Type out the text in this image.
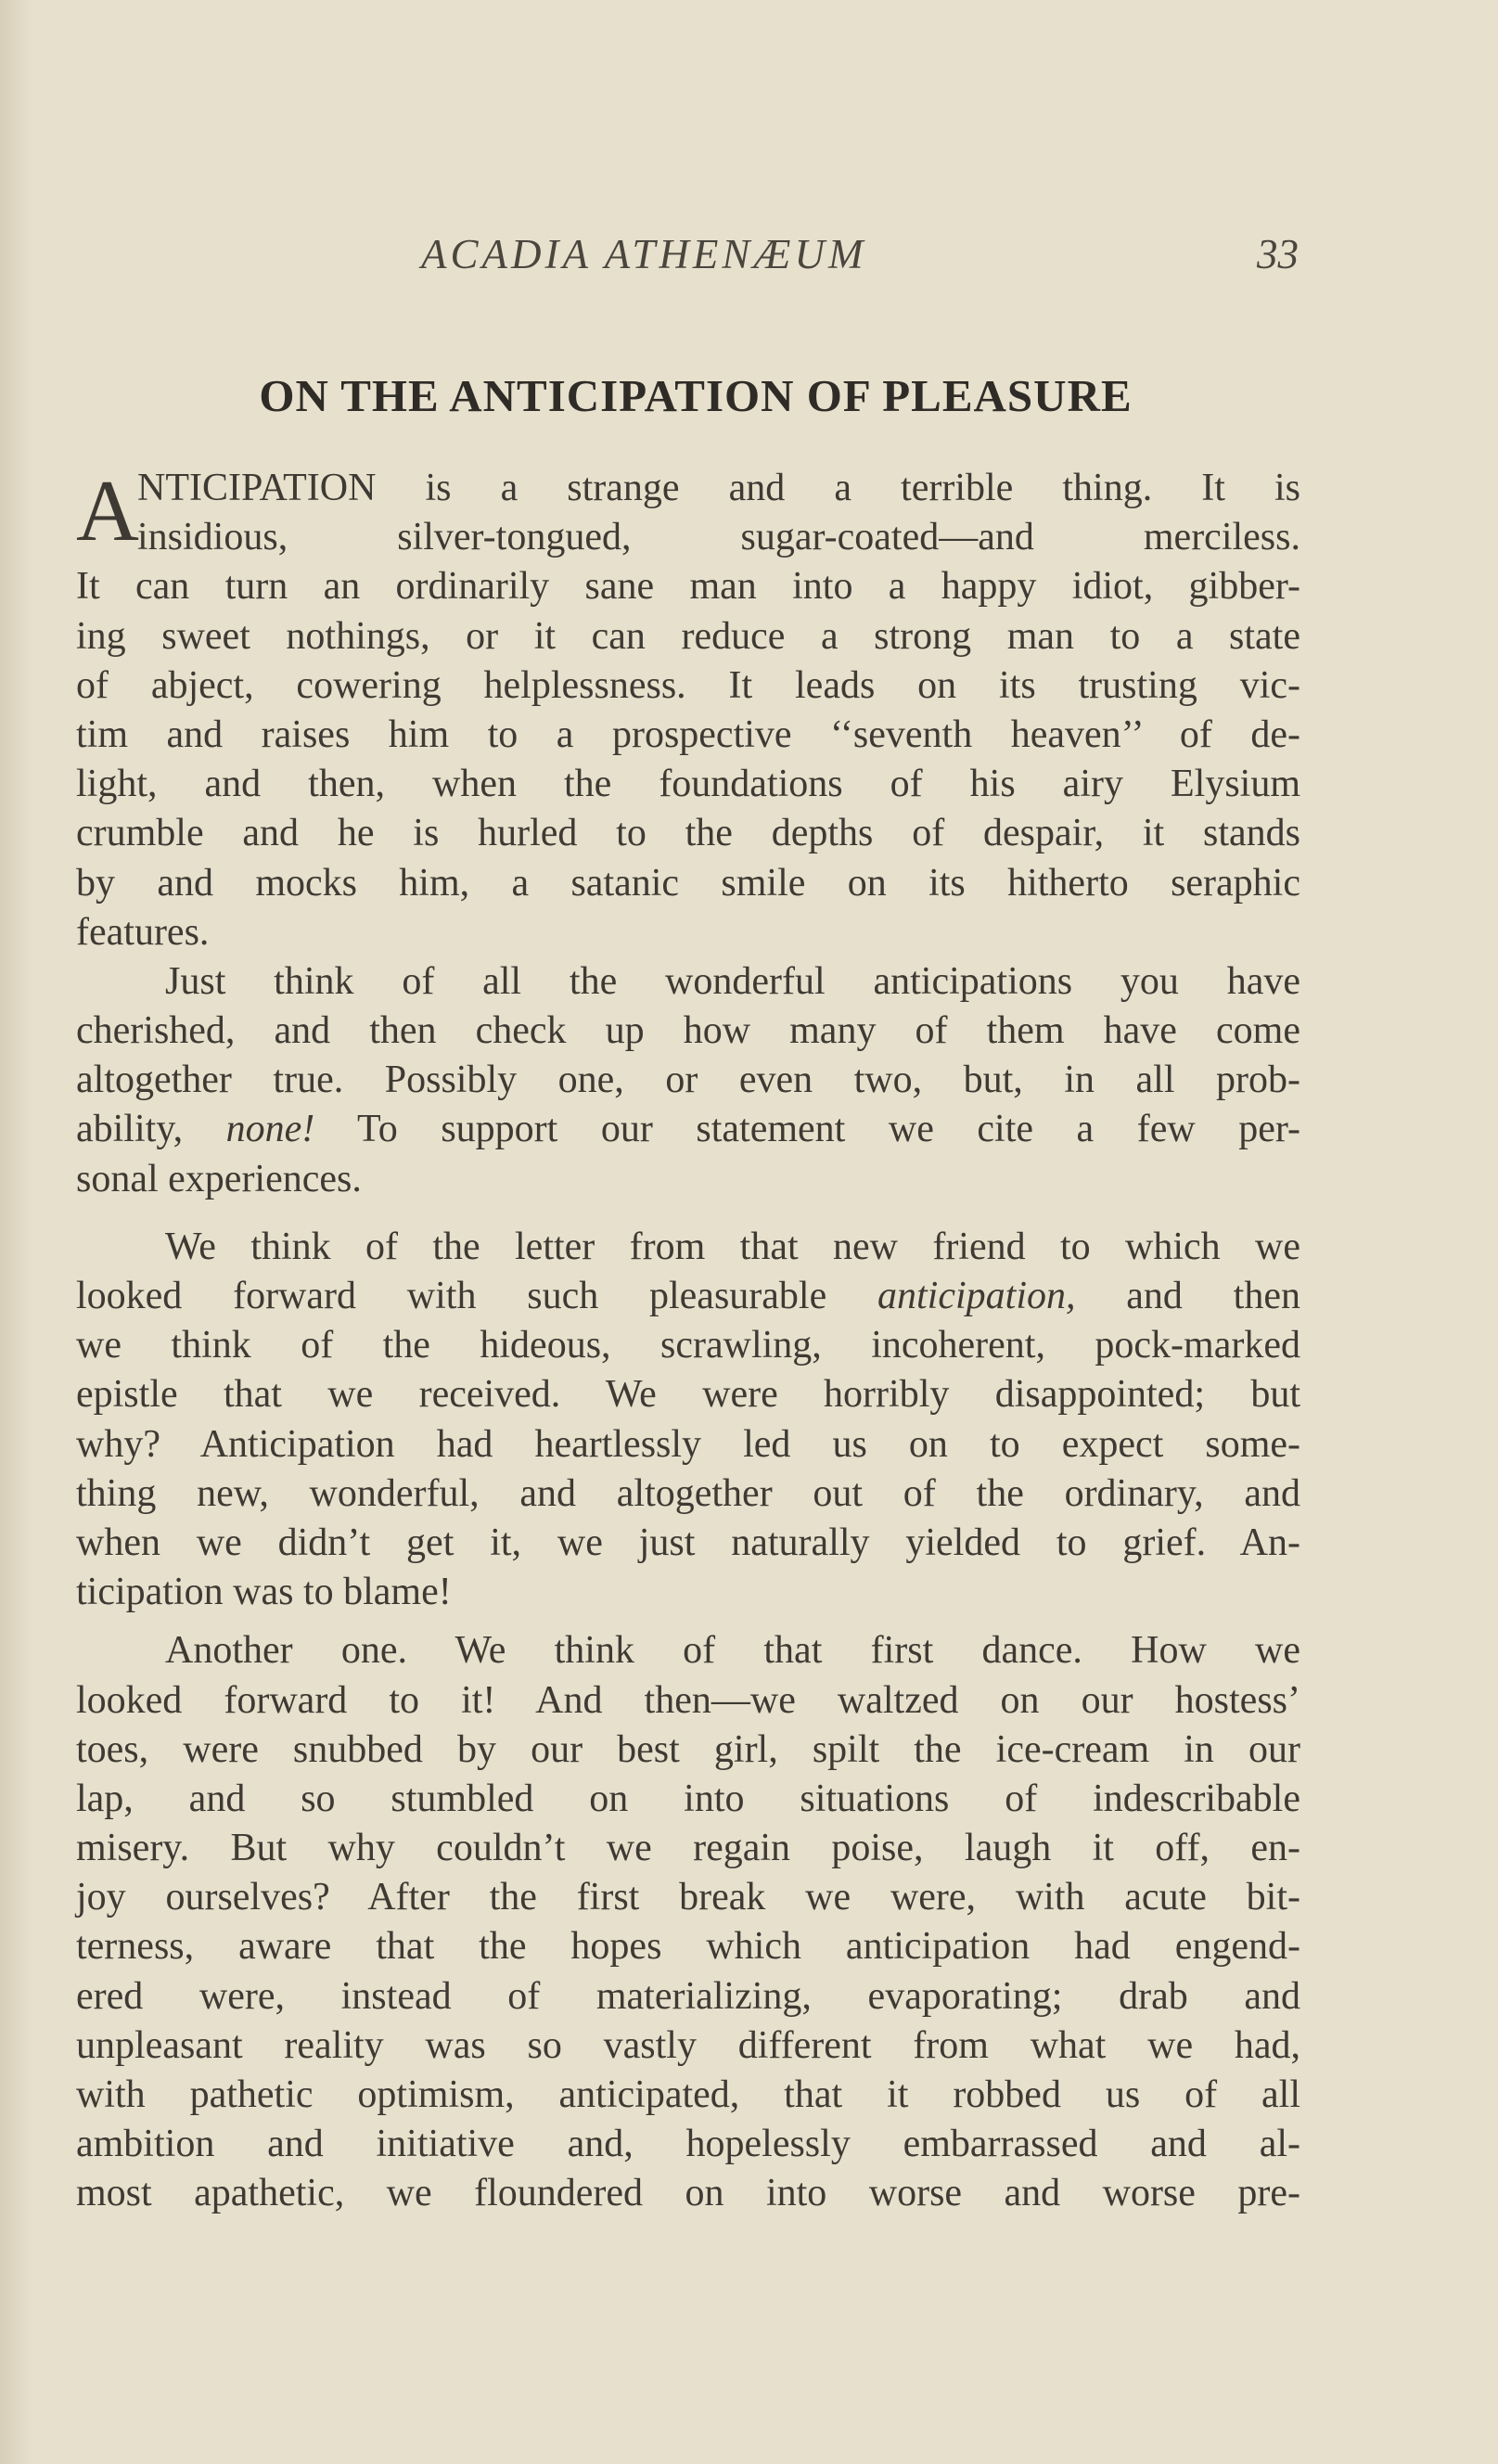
ACADIA ATHENÆUM	33
ON THE ANTICIPATION OF PLEASURE
A
NTICIPATION is a strange and a terrible thing. It is
insidious, silver-tongued, sugar-coated—and merciless.
It can turn an ordinarily sane man into a happy idiot, gibber-
ing sweet nothings, or it can reduce a strong man to a state
of abject, cowering helplessness. It leads on its trusting vic-
tim and raises him to a prospective ‘‘seventh heaven’’ of de-
light, and then, when the foundations of his airy Elysium
crumble and he is hurled to the depths of despair, it stands
by and mocks him, a satanic smile on its hitherto seraphic
features.
Just think of all the wonderful anticipations you have
cherished, and then check up how many of them have come
altogether true. Possibly one, or even two, but, in all prob-
ability, none! To support our statement we cite a few per-
sonal experiences.
We think of the letter from that new friend to which we
looked forward with such pleasurable anticipation, and then
we think of the hideous, scrawling, incoherent, pock-marked
epistle that we received. We were horribly disappointed; but
why? Anticipation had heartlessly led us on to expect some-
thing new, wonderful, and altogether out of the ordinary, and
when we didn’t get it, we just naturally yielded to grief. An-
ticipation was to blame!
Another one. We think of that first dance. How we
looked forward to it! And then—we waltzed on our hostess’
toes, were snubbed by our best girl, spilt the ice-cream in our
lap, and so stumbled on into situations of indescribable
misery. But why couldn’t we regain poise, laugh it off, en-
joy ourselves? After the first break we were, with acute bit-
terness, aware that the hopes which anticipation had engend-
ered were, instead of materializing, evaporating; drab and
unpleasant reality was so vastly different from what we had,
with pathetic optimism, anticipated, that it robbed us of all
ambition and initiative and, hopelessly embarrassed and al-
most apathetic, we floundered on into worse and worse pre-
